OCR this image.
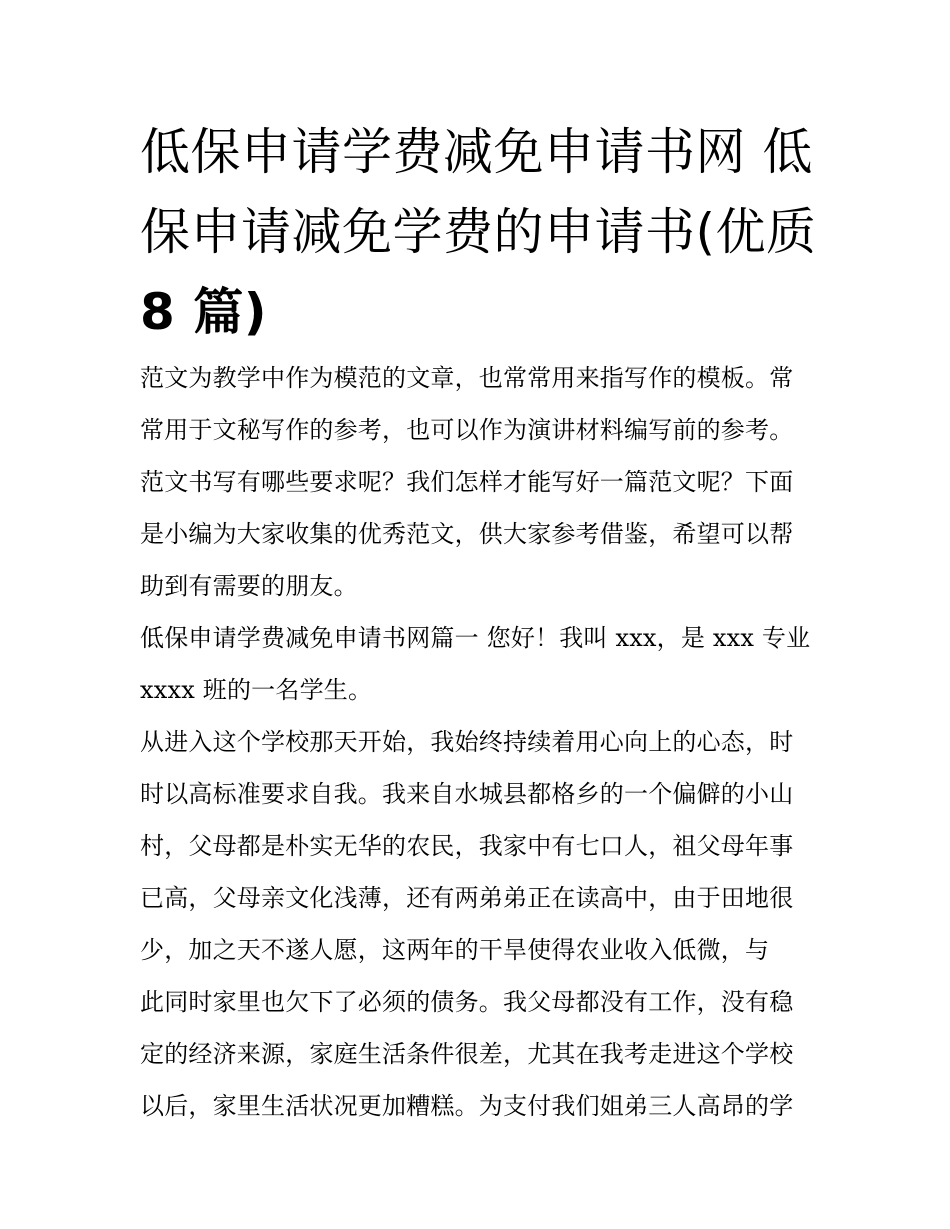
低保申请学费减免申请书网 低
保申请减免学费的申请书(优质
8 篇)
范文为教学中作为模范的文章，也常常用来指写作的模板。常
常用于文秘写作的参考，也可以作为演讲材料编写前的参考。
范文书写有哪些要求呢？我们怎样才能写好一篇范文呢？下面
是小编为大家收集的优秀范文，供大家参考借鉴，希望可以帮
助到有需要的朋友。
低保申请学费减免申请书网篇一 您好！我叫 xxx，是 xxx 专业
xxxx 班的一名学生。
从进入这个学校那天开始，我始终持续着用心向上的心态，时
时以高标准要求自我。我来自水城县都格乡的一个偏僻的小山
村，父母都是朴实无华的农民，我家中有七口人，祖父母年事
已高，父母亲文化浅薄，还有两弟弟正在读高中，由于田地很
少，加之天不遂人愿，这两年的干旱使得农业收入低微，与
此同时家里也欠下了必须的债务。我父母都没有工作，没有稳
定的经济来源，家庭生活条件很差，尤其在我考走进这个学校
以后，家里生活状况更加糟糕。为支付我们姐弟三人高昂的学
